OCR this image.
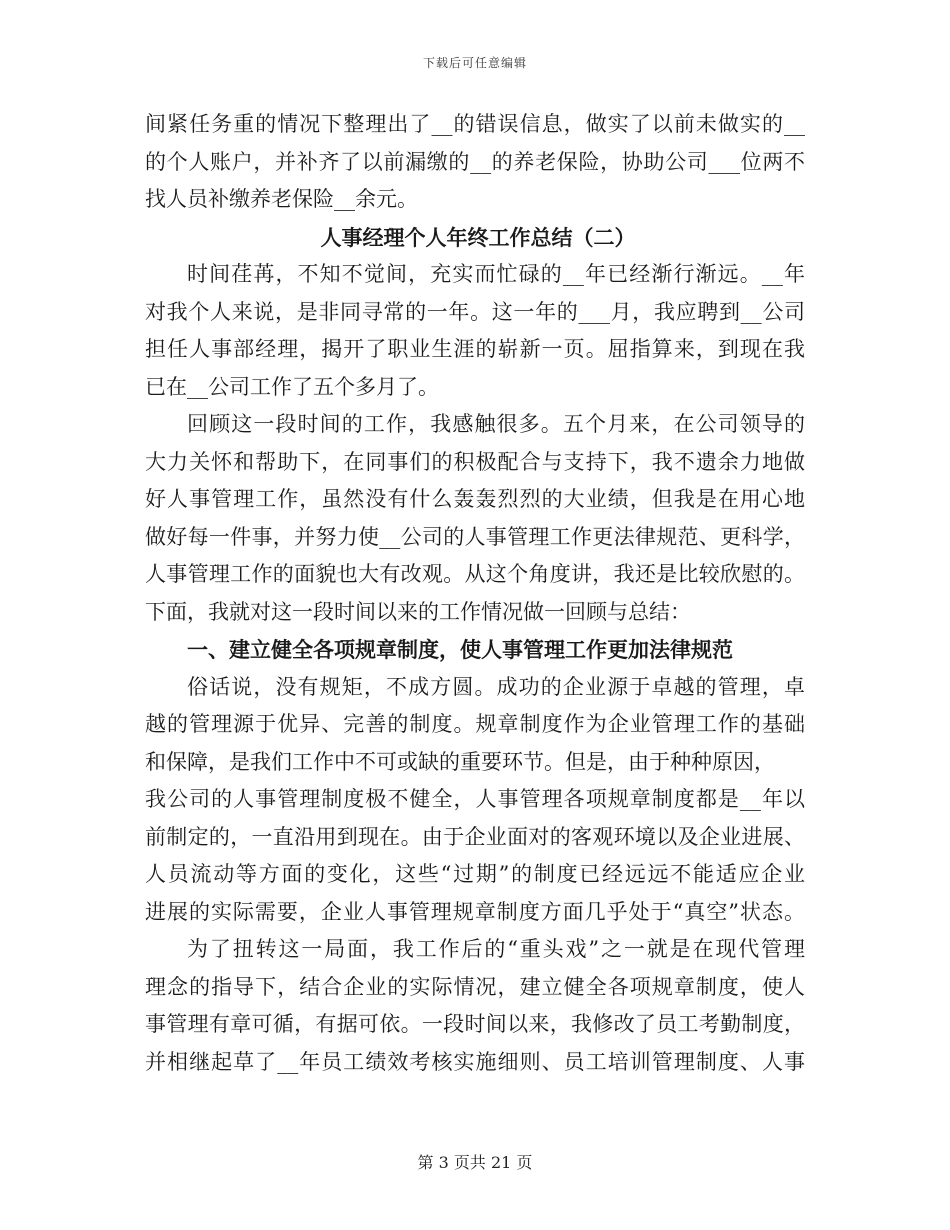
下载后可任意编辑
间紧任务重的情况下整理出了__的错误信息，做实了以前未做实的__
的个人账户，并补齐了以前漏缴的__的养老保险，协助公司___位两不
找人员补缴养老保险__余元。
人事经理个人年终工作总结（二）
时间荏苒，不知不觉间，充实而忙碌的__年已经渐行渐远。__年
对我个人来说，是非同寻常的一年。这一年的___月，我应聘到__公司
担任人事部经理，揭开了职业生涯的崭新一页。屈指算来，到现在我
已在__公司工作了五个多月了。
回顾这一段时间的工作，我感触很多。五个月来，在公司领导的
大力关怀和帮助下，在同事们的积极配合与支持下，我不遗余力地做
好人事管理工作，虽然没有什么轰轰烈烈的大业绩，但我是在用心地
做好每一件事，并努力使__公司的人事管理工作更法律规范、更科学，
人事管理工作的面貌也大有改观。从这个角度讲，我还是比较欣慰的。
下面，我就对这一段时间以来的工作情况做一回顾与总结：
一、建立健全各项规章制度，使人事管理工作更加法律规范
俗话说，没有规矩，不成方圆。成功的企业源于卓越的管理，卓
越的管理源于优异、完善的制度。规章制度作为企业管理工作的基础
和保障，是我们工作中不可或缺的重要环节。但是，由于种种原因，
我公司的人事管理制度极不健全，人事管理各项规章制度都是__年以
前制定的，一直沿用到现在。由于企业面对的客观环境以及企业进展、
人员流动等方面的变化，这些“过期”的制度已经远远不能适应企业
进展的实际需要，企业人事管理规章制度方面几乎处于“真空”状态。
为了扭转这一局面，我工作后的“重头戏”之一就是在现代管理
理念的指导下，结合企业的实际情况，建立健全各项规章制度，使人
事管理有章可循，有据可依。一段时间以来，我修改了员工考勤制度，
并相继起草了__年员工绩效考核实施细则、员工培训管理制度、人事
第 3 页共 21 页
